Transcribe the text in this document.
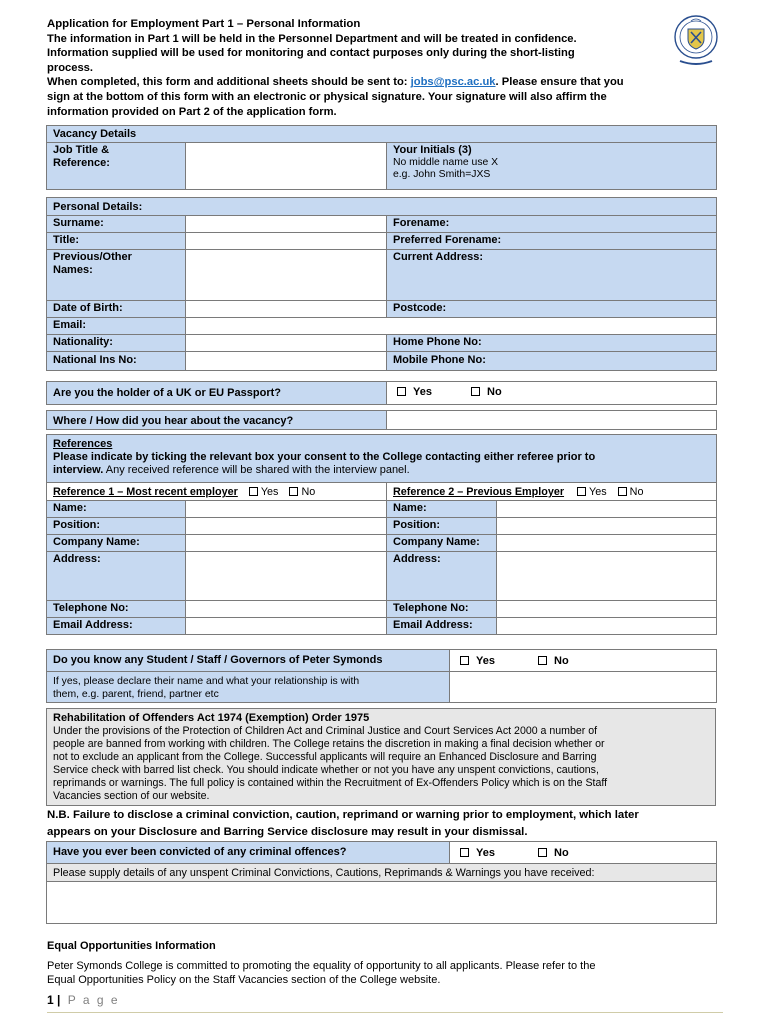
Application for Employment Part 1 – Personal Information

The information in Part 1 will be held in the Personnel Department and will be treated in confidence.

Information supplied will be used for monitoring and contact purposes only during the short-listing

process.

When completed, this form and additional sheets should be sent to: jobs@psc.ac.uk. Please ensure that you

sign at the bottom of this form with an electronic or physical signature. Your signature will also affirm the

information provided on Part 2 of the application form.

Vacancy Details

Job Title &
Reference:

Your Initials (3)
No middle name use X
e.g. John Smith=JXS
Personal Details:		
Surname:		Forename:
Title:		Preferred Forename:

Previous/Other
Names:		Current Address:
Date of Birth:		Postcode:
Email:		
Nationality:		Home Phone No:
National Ins No:		Mobile Phone No:
Are you the holder of a UK or EU Passport?	Yes	No
Where / How did you hear about the vacancy?	
References
Please indicate by ticking the relevant box your consent to the College contacting either referee prior to
interview. Any received reference will be shared with the interview panel.			

Reference 1 – Most recent employer Yes No		Reference 2 – Previous Employer Yes No	
Name:		Name:	
Position:		Position:	
Company Name:		Company Name:	
Address:		Address:	
Telephone No:		Telephone No:	
Email Address:		Email Address:	
Do you know any Student / Staff / Governors of Peter Symonds	Yes No

If yes, please declare their name and what your relationship is with
them, e.g. parent, friend, partner etc	

Rehabilitation of Offenders Act 1974 (Exemption) Order 1975
Under the provisions of the Protection of Children Act and Criminal Justice and Court Services Act 2000 a number of
people are banned from working with children. The College retains the discretion in making a final decision whether or
not to exclude an applicant from the College. Successful applicants will require an Enhanced Disclosure and Barring
Service check with barred list check. You should indicate whether or not you have any unspent convictions, cautions,
reprimands or warnings. The full policy is contained within the Recruitment of Ex-Offenders Policy which is on the Staff
Vacancies section of our website.
N.B. Failure to disclose a criminal conviction, caution, reprimand or warning prior to employment, which later
appears on your Disclosure and Barring Service disclosure may result in your dismissal.
Have you ever been convicted of any criminal offences?	Yes	No
Please supply details of any unspent Criminal Convictions, Cautions, Reprimands & Warnings you have received:

Equal Opportunities Information
Peter Symonds College is committed to promoting the equality of opportunity to all applicants. Please refer to the
Equal Opportunities Policy on the Staff Vacancies section of the College website.
1 | P a g e
